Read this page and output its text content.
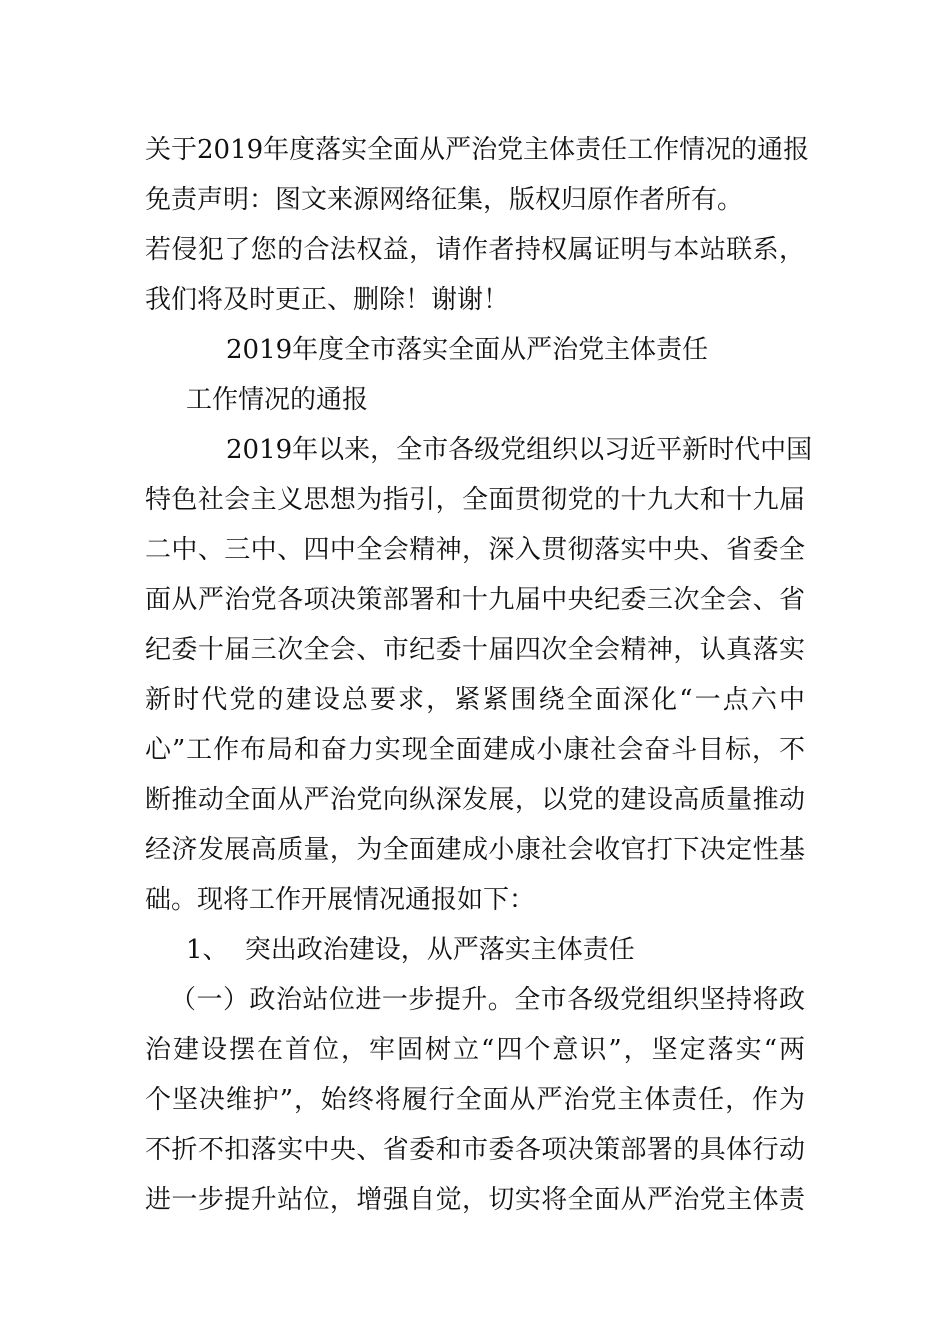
关于2019年度落实全面从严治党主体责任工作情况的通报
免责声明：图文来源网络征集，版权归原作者所有。
若侵犯了您的合法权益，请作者持权属证明与本站联系，
我们将及时更正、删除！谢谢！
2019年度全市落实全面从严治党主体责任
工作情况的通报
2019年以来，全市各级党组织以习近平新时代中国
特色社会主义思想为指引，全面贯彻党的十九大和十九届
二中、三中、四中全会精神，深入贯彻落实中央、省委全
面从严治党各项决策部署和十九届中央纪委三次全会、省
纪委十届三次全会、市纪委十届四次全会精神，认真落实
新时代党的建设总要求，紧紧围绕全面深化“一点六中
心”工作布局和奋力实现全面建成小康社会奋斗目标，不
断推动全面从严治党向纵深发展，以党的建设高质量推动
经济发展高质量，为全面建成小康社会收官打下决定性基
础。现将工作开展情况通报如下：
1、 突出政治建设，从严落实主体责任
（一）政治站位进一步提升。全市各级党组织坚持将政
治建设摆在首位，牢固树立“四个意识”，坚定落实“两
个坚决维护”，始终将履行全面从严治党主体责任，作为
不折不扣落实中央、省委和市委各项决策部署的具体行动
进一步提升站位，增强自觉，切实将全面从严治党主体责
